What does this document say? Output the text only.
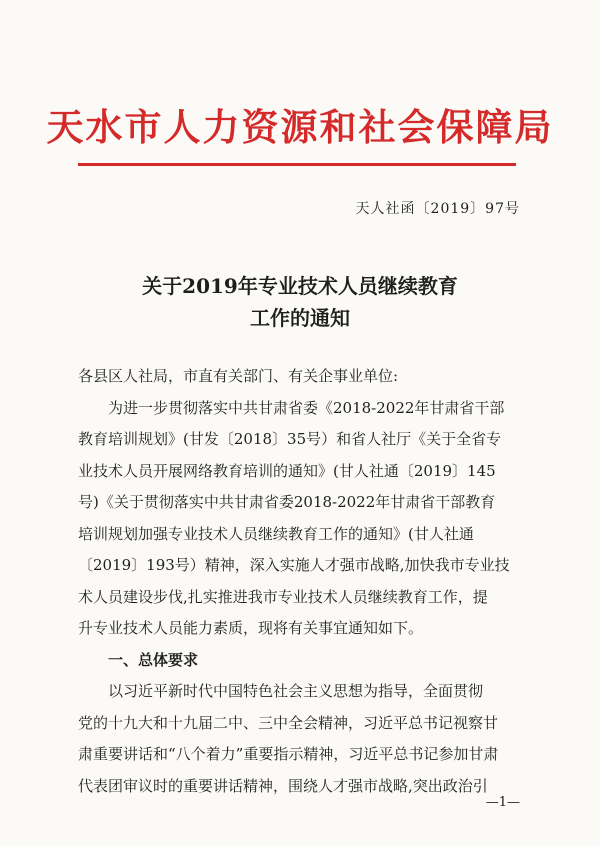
天水市人力资源和社会保障局
天人社函〔2019〕97号
关于2019年专业技术人员继续教育
工作的通知
各县区人社局，市直有关部门、有关企事业单位:
为进一步贯彻落实中共甘肃省委《2018-2022年甘肃省干部
教育培训规划》(甘发〔2018〕35号）和省人社厅《关于全省专
业技术人员开展网络教育培训的通知》(甘人社通〔2019〕145
号)《关于贯彻落实中共甘肃省委2018-2022年甘肃省干部教育
培训规划加强专业技术人员继续教育工作的通知》(甘人社通
〔2019〕193号）精神，深入实施人才强市战略,加快我市专业技
术人员建设步伐,扎实推进我市专业技术人员继续教育工作，提
升专业技术人员能力素质，现将有关事宜通知如下。
一、总体要求
以习近平新时代中国特色社会主义思想为指导，全面贯彻
党的十九大和十九届二中、三中全会精神，习近平总书记视察甘
肃重要讲话和“八个着力”重要指示精神，习近平总书记参加甘肃
代表团审议时的重要讲话精神，围绕人才强市战略,突出政治引
—1—
